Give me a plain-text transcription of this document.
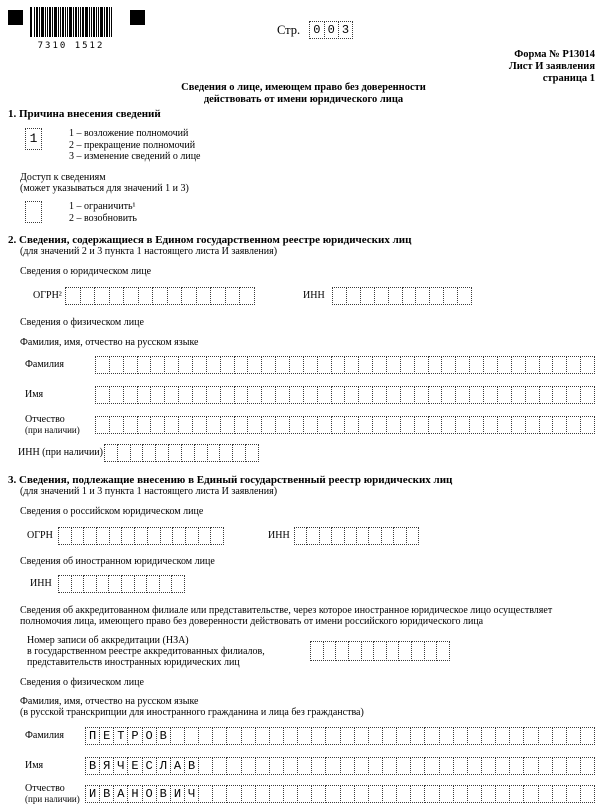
7310 1512
Стр.	0 0 3
Форма № Р13014
Лист И заявления
страница 1
Сведения о лице, имеющем право без доверенности
действовать от имени юридического лица
1. Причина внесения сведений
1	1 – возложение полномочий
2 – прекращение полномочий
3 – изменение сведений о лице
Доступ к сведениям
(может указываться для значений 1 и 3)
1 – ограничить¹
2 – возобновить
2. Сведения, содержащиеся в Едином государственном реестре юридических лиц
(для значений 2 и 3 пункта 1 настоящего листа И заявления)
Сведения о юридическом лице
ОГРН²	ИНН
Сведения о физическом лице
Фамилия, имя, отчество на русском языке
Фамилия
Имя
Отчество
(при наличии)
ИНН (при наличии)
3. Сведения, подлежащие внесению в Единый государственный реестр юридических лиц
(для значений 1 и 3 пункта 1 настоящего листа И заявления)
Сведения о российском юридическом лице
ОГРН	ИНН
Сведения об иностранном юридическом лице
ИНН
Сведения об аккредитованном филиале или представительстве, через которое иностранное юридическое лицо осуществляет
полномочия лица, имеющего право без доверенности действовать от имени российского юридического лица
Номер записи об аккредитации (НЗА)
в государственном реестре аккредитованных филиалов,
представительств иностранных юридических лиц
Сведения о физическом лице
Фамилия, имя, отчество на русском языке
(в русской транскрипции для иностранного гражданина и лица без гражданства)
Фамилия	П Е Т Р О В
Имя	В Я Ч Е С Л А В
Отчество
(при наличии) И В А Н О В И Ч
